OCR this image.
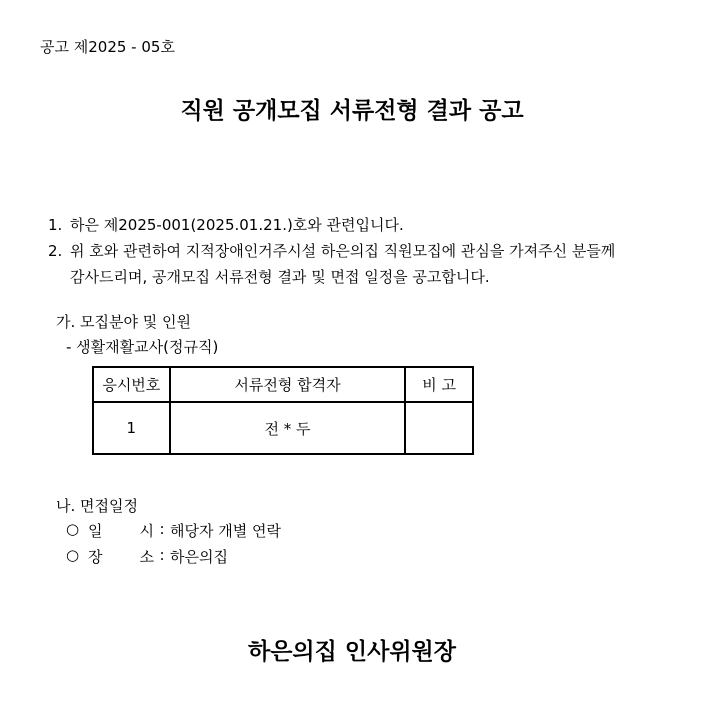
공고 제2025 - 05호
직원 공개모집 서류전형 결과 공고
1. 하은 제2025-001(2025.01.21.)호와 관련입니다.
2. 위 호와 관련하여 지적장애인거주시설 하은의집 직원모집에 관심을 가져주신 분들께
감사드리며, 공개모집 서류전형 결과 및 면접 일정을 공고합니다.
가. 모집분야 및 인원
- 생활재활교사(정규직)
응시번호	서류전형 합격자	비 고
1	전 * 두	
나. 면접일정
○ 일 시 : 해당자 개별 연락
○ 장 소 : 하은의집
하은의집 인사위원장
